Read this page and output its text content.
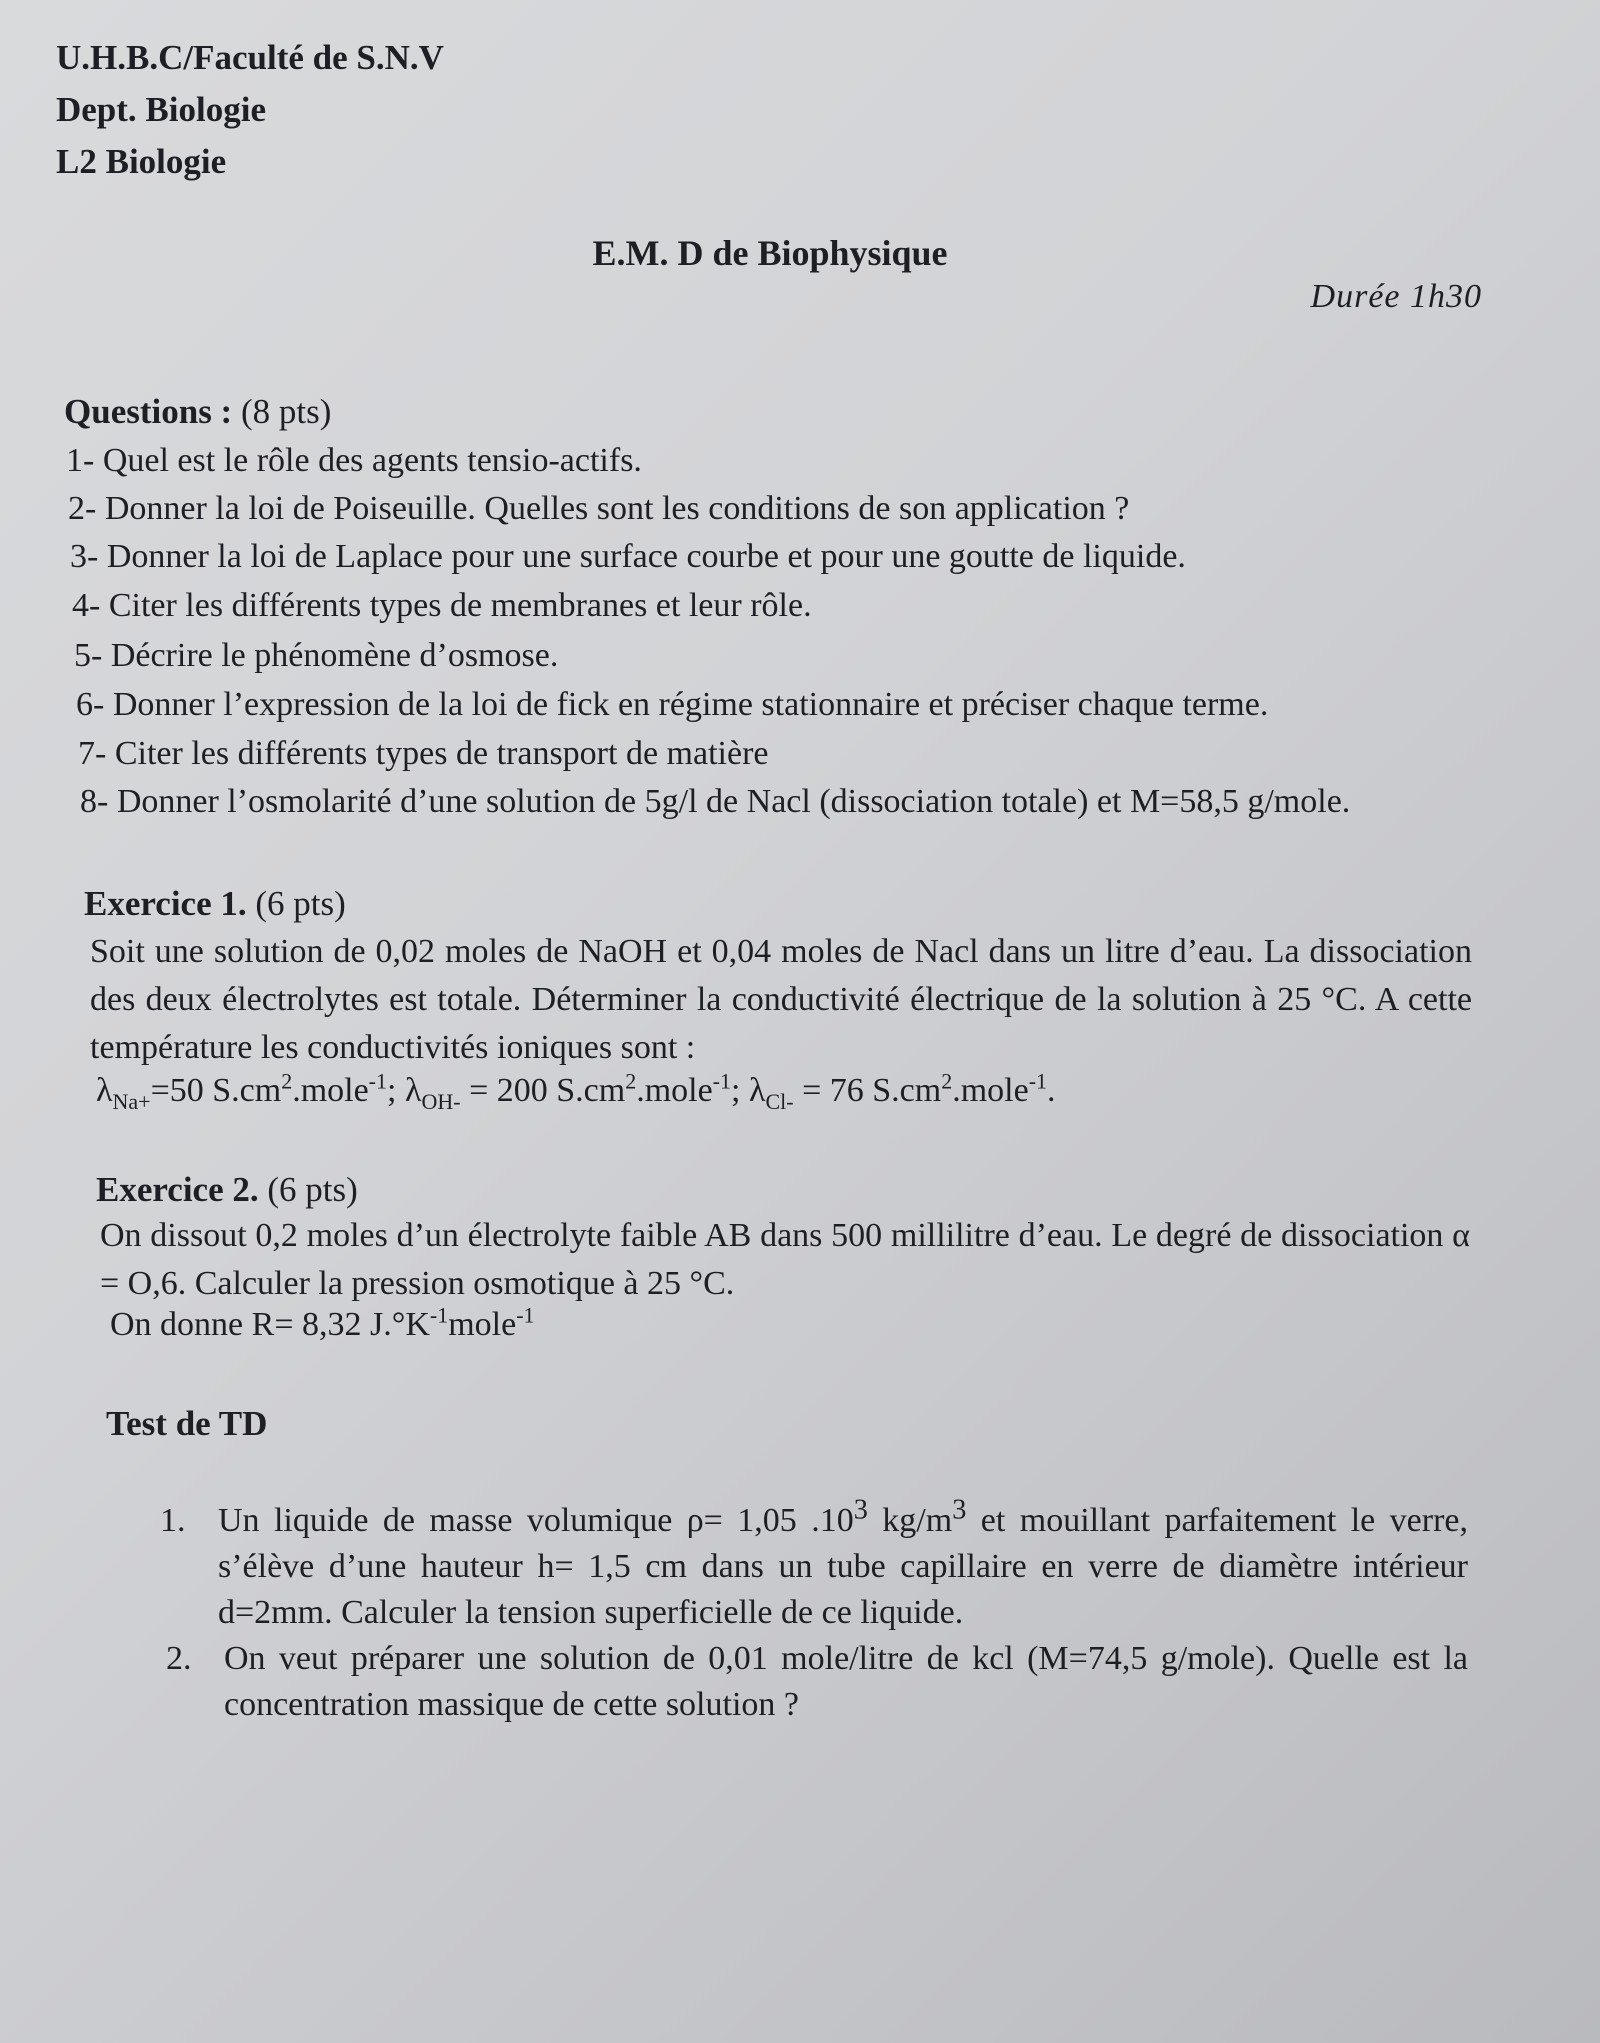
U.H.B.C/Faculté de S.N.V
Dept. Biologie
L2 Biologie
E.M. D de Biophysique
Durée 1h30
Questions : (8 pts)
1- Quel est le rôle des agents tensio-actifs.
2- Donner la loi de Poiseuille. Quelles sont les conditions de son application ?
3- Donner la loi de Laplace pour une surface courbe et pour une goutte de liquide.
4- Citer les différents types de membranes et leur rôle.
5- Décrire le phénomène d’osmose.
6- Donner l’expression de la loi de fick en régime stationnaire et préciser chaque terme.
7- Citer les différents types de transport de matière
8- Donner l’osmolarité d’une solution de 5g/l de Nacl (dissociation totale) et M=58,5 g/mole.
Exercice 1. (6 pts)
Soit une solution de 0,02 moles de NaOH et 0,04 moles de Nacl dans un litre d’eau. La dissociation des deux électrolytes est totale. Déterminer la conductivité électrique de la solution à 25 °C. A cette température les conductivités ioniques sont :
$\lambda_{Na+}=50$ $S.cm^2.mole^{-1}$; $\lambda_{OH-} = 200$ $S.cm^2.mole^{-1}$; $\lambda_{Cl-} = 76$ $S.cm^2.mole^{-1}$.
Exercice 2. (6 pts)
On dissout 0,2 moles d’un électrolyte faible AB dans 500 millilitre d’eau. Le degré de dissociation α = O,6. Calculer la pression osmotique à 25 °C.
On donne R= 8,32 $J.^\circ K^{-1}mole^{-1}$
Test de TD
1. Un liquide de masse volumique ρ= 1,05 $.10^3$ $kg/m^3$ et mouillant parfaitement le verre, s’élève d’une hauteur h= 1,5 cm dans un tube capillaire en verre de diamètre intérieur d=2mm. Calculer la tension superficielle de ce liquide.
2. On veut préparer une solution de 0,01 mole/litre de kcl (M=74,5 g/mole). Quelle est la concentration massique de cette solution ?
